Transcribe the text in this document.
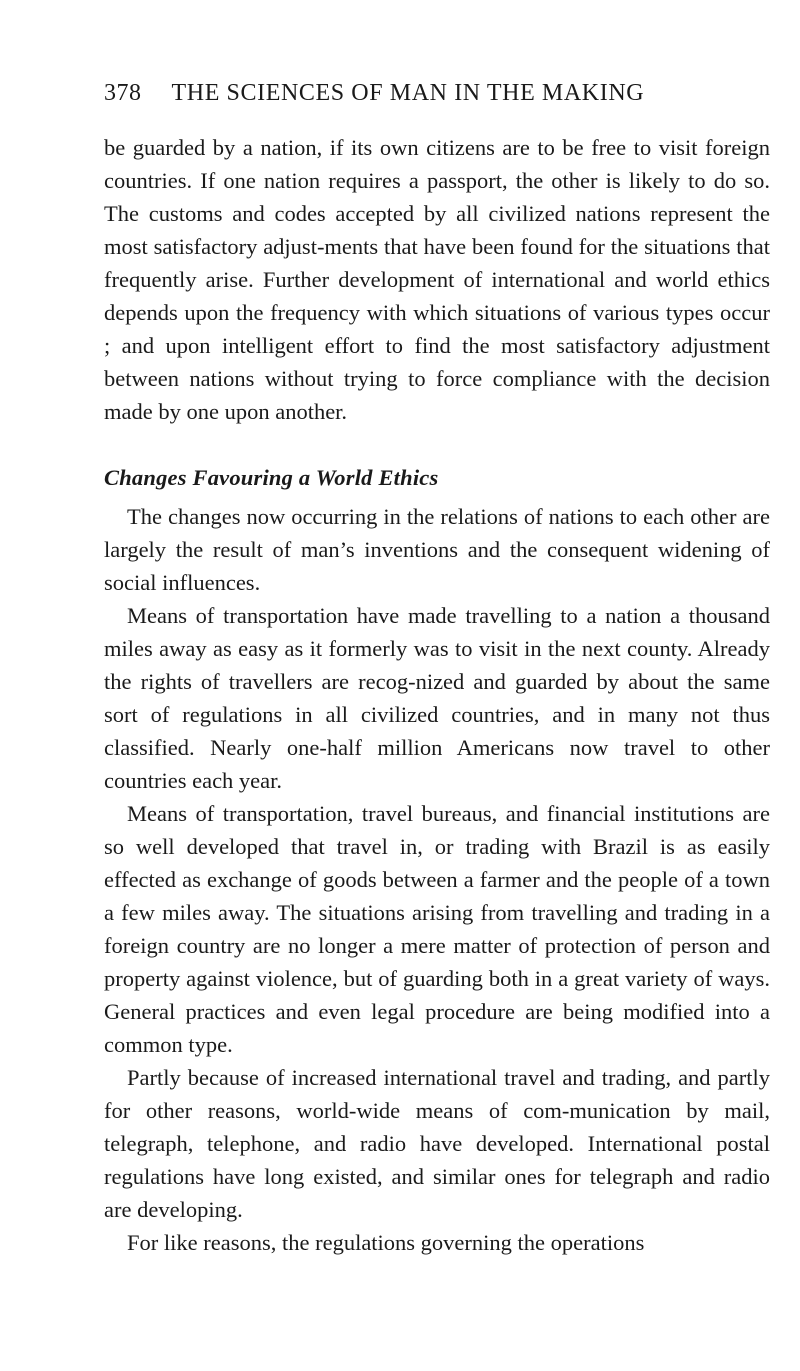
378 THE SCIENCES OF MAN IN THE MAKING

be guarded by a nation, if its own citizens are to be free to visit foreign countries. If one nation requires a passport, the other is likely to do so. The customs and codes accepted by all civilized nations represent the most satisfactory adjust-ments that have been found for the situations that frequently arise. Further development of international and world ethics depends upon the frequency with which situations of various types occur ; and upon intelligent effort to find the most satisfactory adjustment between nations without trying to force compliance with the decision made by one upon another.

Changes Favouring a World Ethics

The changes now occurring in the relations of nations to each other are largely the result of man’s inventions and the consequent widening of social influences.

Means of transportation have made travelling to a nation a thousand miles away as easy as it formerly was to visit in the next county. Already the rights of travellers are recog-nized and guarded by about the same sort of regulations in all civilized countries, and in many not thus classified. Nearly one-half million Americans now travel to other countries each year.

Means of transportation, travel bureaus, and financial institutions are so well developed that travel in, or trading with Brazil is as easily effected as exchange of goods between a farmer and the people of a town a few miles away. The situations arising from travelling and trading in a foreign country are no longer a mere matter of protection of person and property against violence, but of guarding both in a great variety of ways. General practices and even legal procedure are being modified into a common type.

Partly because of increased international travel and trading, and partly for other reasons, world-wide means of com-munication by mail, telegraph, telephone, and radio have developed. International postal regulations have long existed, and similar ones for telegraph and radio are developing.

For like reasons, the regulations governing the operations
